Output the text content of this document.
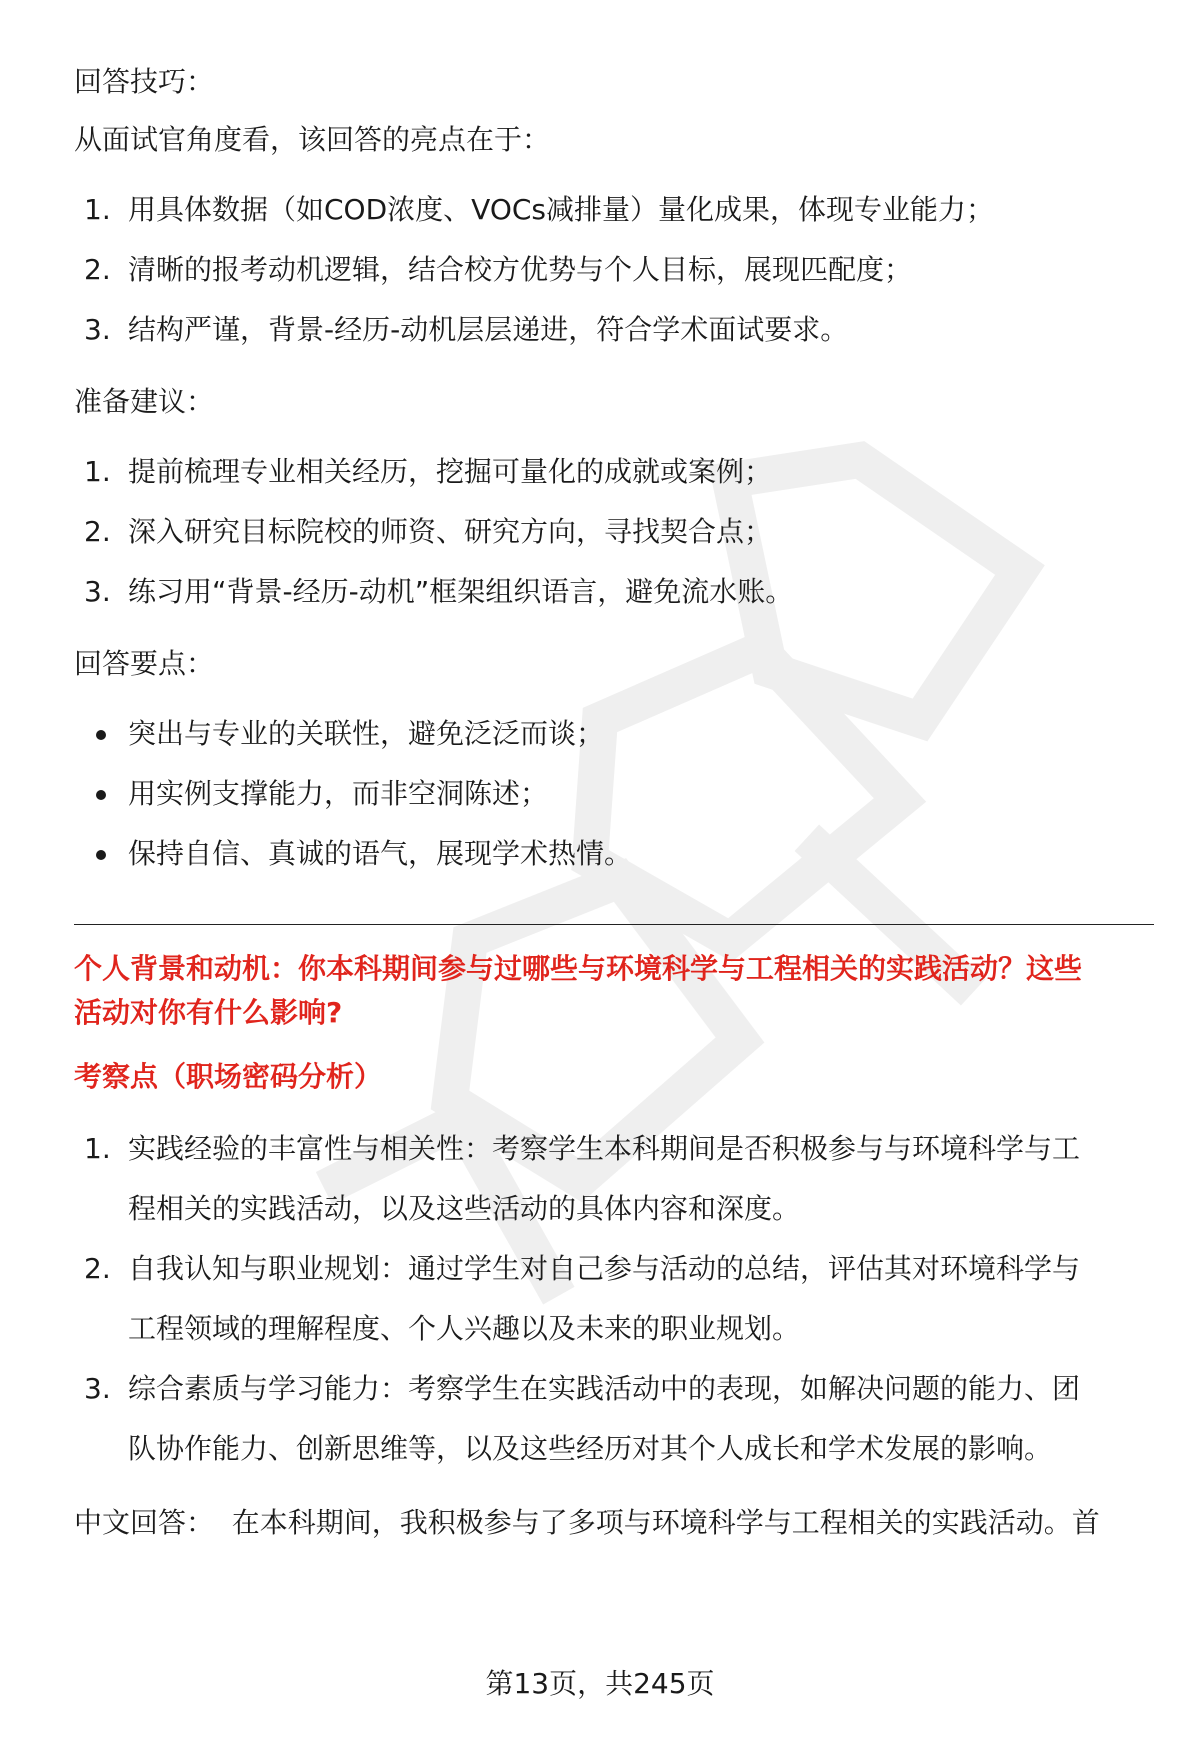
回答技巧：

从面试官角度看，该回答的亮点在于：

1. 用具体数据（如COD浓度、VOCs减排量）量化成果，体现专业能力；
2. 清晰的报考动机逻辑，结合校方优势与个人目标，展现匹配度；
3. 结构严谨，背景-经历-动机层层递进，符合学术面试要求。

准备建议：

1. 提前梳理专业相关经历，挖掘可量化的成就或案例；
2. 深入研究目标院校的师资、研究方向，寻找契合点；
3. 练习用“背景-经历-动机”框架组织语言，避免流水账。

回答要点：

突出与专业的关联性，避免泛泛而谈；
用实例支撑能力，而非空洞陈述；
保持自信、真诚的语气，展现学术热情。

个人背景和动机：你本科期间参与过哪些与环境科学与工程相关的实践活动？这些

活动对你有什么影响?

考察点（职场密码分析）

1. 实践经验的丰富性与相关性：考察学生本科期间是否积极参与与环境科学与工
程相关的实践活动，以及这些活动的具体内容和深度。
2. 自我认知与职业规划：通过学生对自己参与活动的总结，评估其对环境科学与
工程领域的理解程度、个人兴趣以及未来的职业规划。
3. 综合素质与学习能力：考察学生在实践活动中的表现，如解决问题的能力、团
队协作能力、创新思维等，以及这些经历对其个人成长和学术发展的影响。

中文回答：  在本科期间，我积极参与了多项与环境科学与工程相关的实践活动。首

第13页，共245页
